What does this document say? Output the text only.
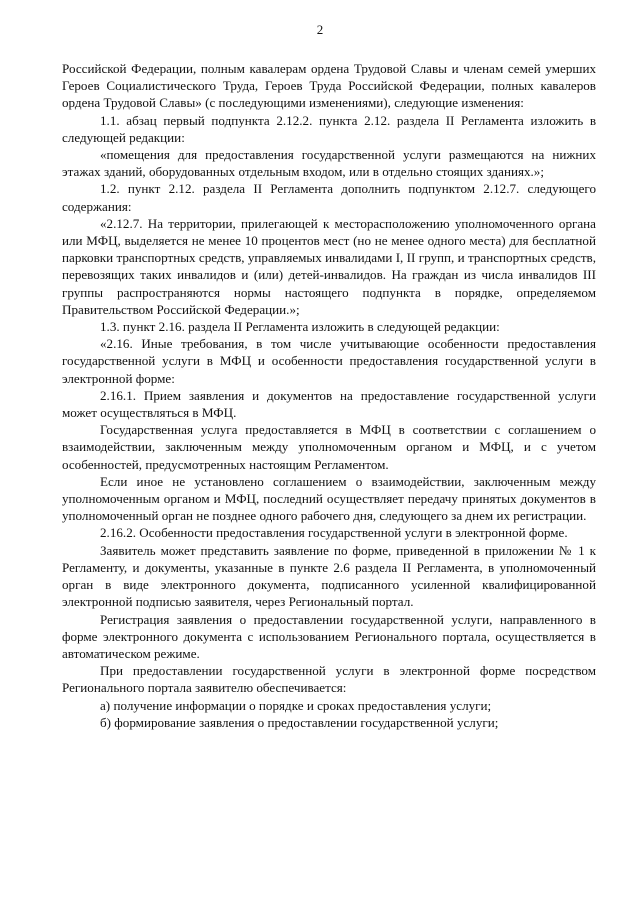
2

Российской Федерации, полным кавалерам ордена Трудовой Славы и членам семей умерших Героев Социалистического Труда, Героев Труда Российской Федерации, полных кавалеров ордена Трудовой Славы» (с последующими изменениями), следующие изменения:

1.1. абзац первый подпункта 2.12.2. пункта 2.12. раздела II Регламента изложить в следующей редакции:

«помещения для предоставления государственной услуги размещаются на нижних этажах зданий, оборудованных отдельным входом, или в отдельно стоящих зданиях.»;

1.2. пункт 2.12. раздела II Регламента дополнить подпунктом 2.12.7. следующего содержания:

«2.12.7. На территории, прилегающей к месторасположению уполномоченного органа или МФЦ, выделяется не менее 10 процентов мест (но не менее одного места) для бесплатной парковки транспортных средств, управляемых инвалидами I, II групп, и транспортных средств, перевозящих таких инвалидов и (или) детей-инвалидов. На граждан из числа инвалидов III группы распространяются нормы настоящего подпункта в порядке, определяемом Правительством Российской Федерации.»;

1.3. пункт 2.16. раздела II Регламента изложить в следующей редакции:

«2.16. Иные требования, в том числе учитывающие особенности предоставления государственной услуги в МФЦ и особенности предоставления государственной услуги в электронной форме:

2.16.1. Прием заявления и документов на предоставление государственной услуги может осуществляться в МФЦ.

Государственная услуга предоставляется в МФЦ в соответствии с соглашением о взаимодействии, заключенным между уполномоченным органом и МФЦ, и с учетом особенностей, предусмотренных настоящим Регламентом.

Если иное не установлено соглашением о взаимодействии, заключенным между уполномоченным органом и МФЦ, последний осуществляет передачу принятых документов в уполномоченный орган не позднее одного рабочего дня, следующего за днем их регистрации.

2.16.2. Особенности предоставления государственной услуги в электронной форме.

Заявитель может представить заявление по форме, приведенной в приложении № 1 к Регламенту, и документы, указанные в пункте 2.6 раздела II Регламента, в уполномоченный орган в виде электронного документа, подписанного усиленной квалифицированной электронной подписью заявителя, через Региональный портал.

Регистрация заявления о предоставлении государственной услуги, направленного в форме электронного документа с использованием Регионального портала, осуществляется в автоматическом режиме.

При предоставлении государственной услуги в электронной форме посредством Регионального портала заявителю обеспечивается:

а) получение информации о порядке и сроках предоставления услуги;

б) формирование заявления о предоставлении государственной услуги;
